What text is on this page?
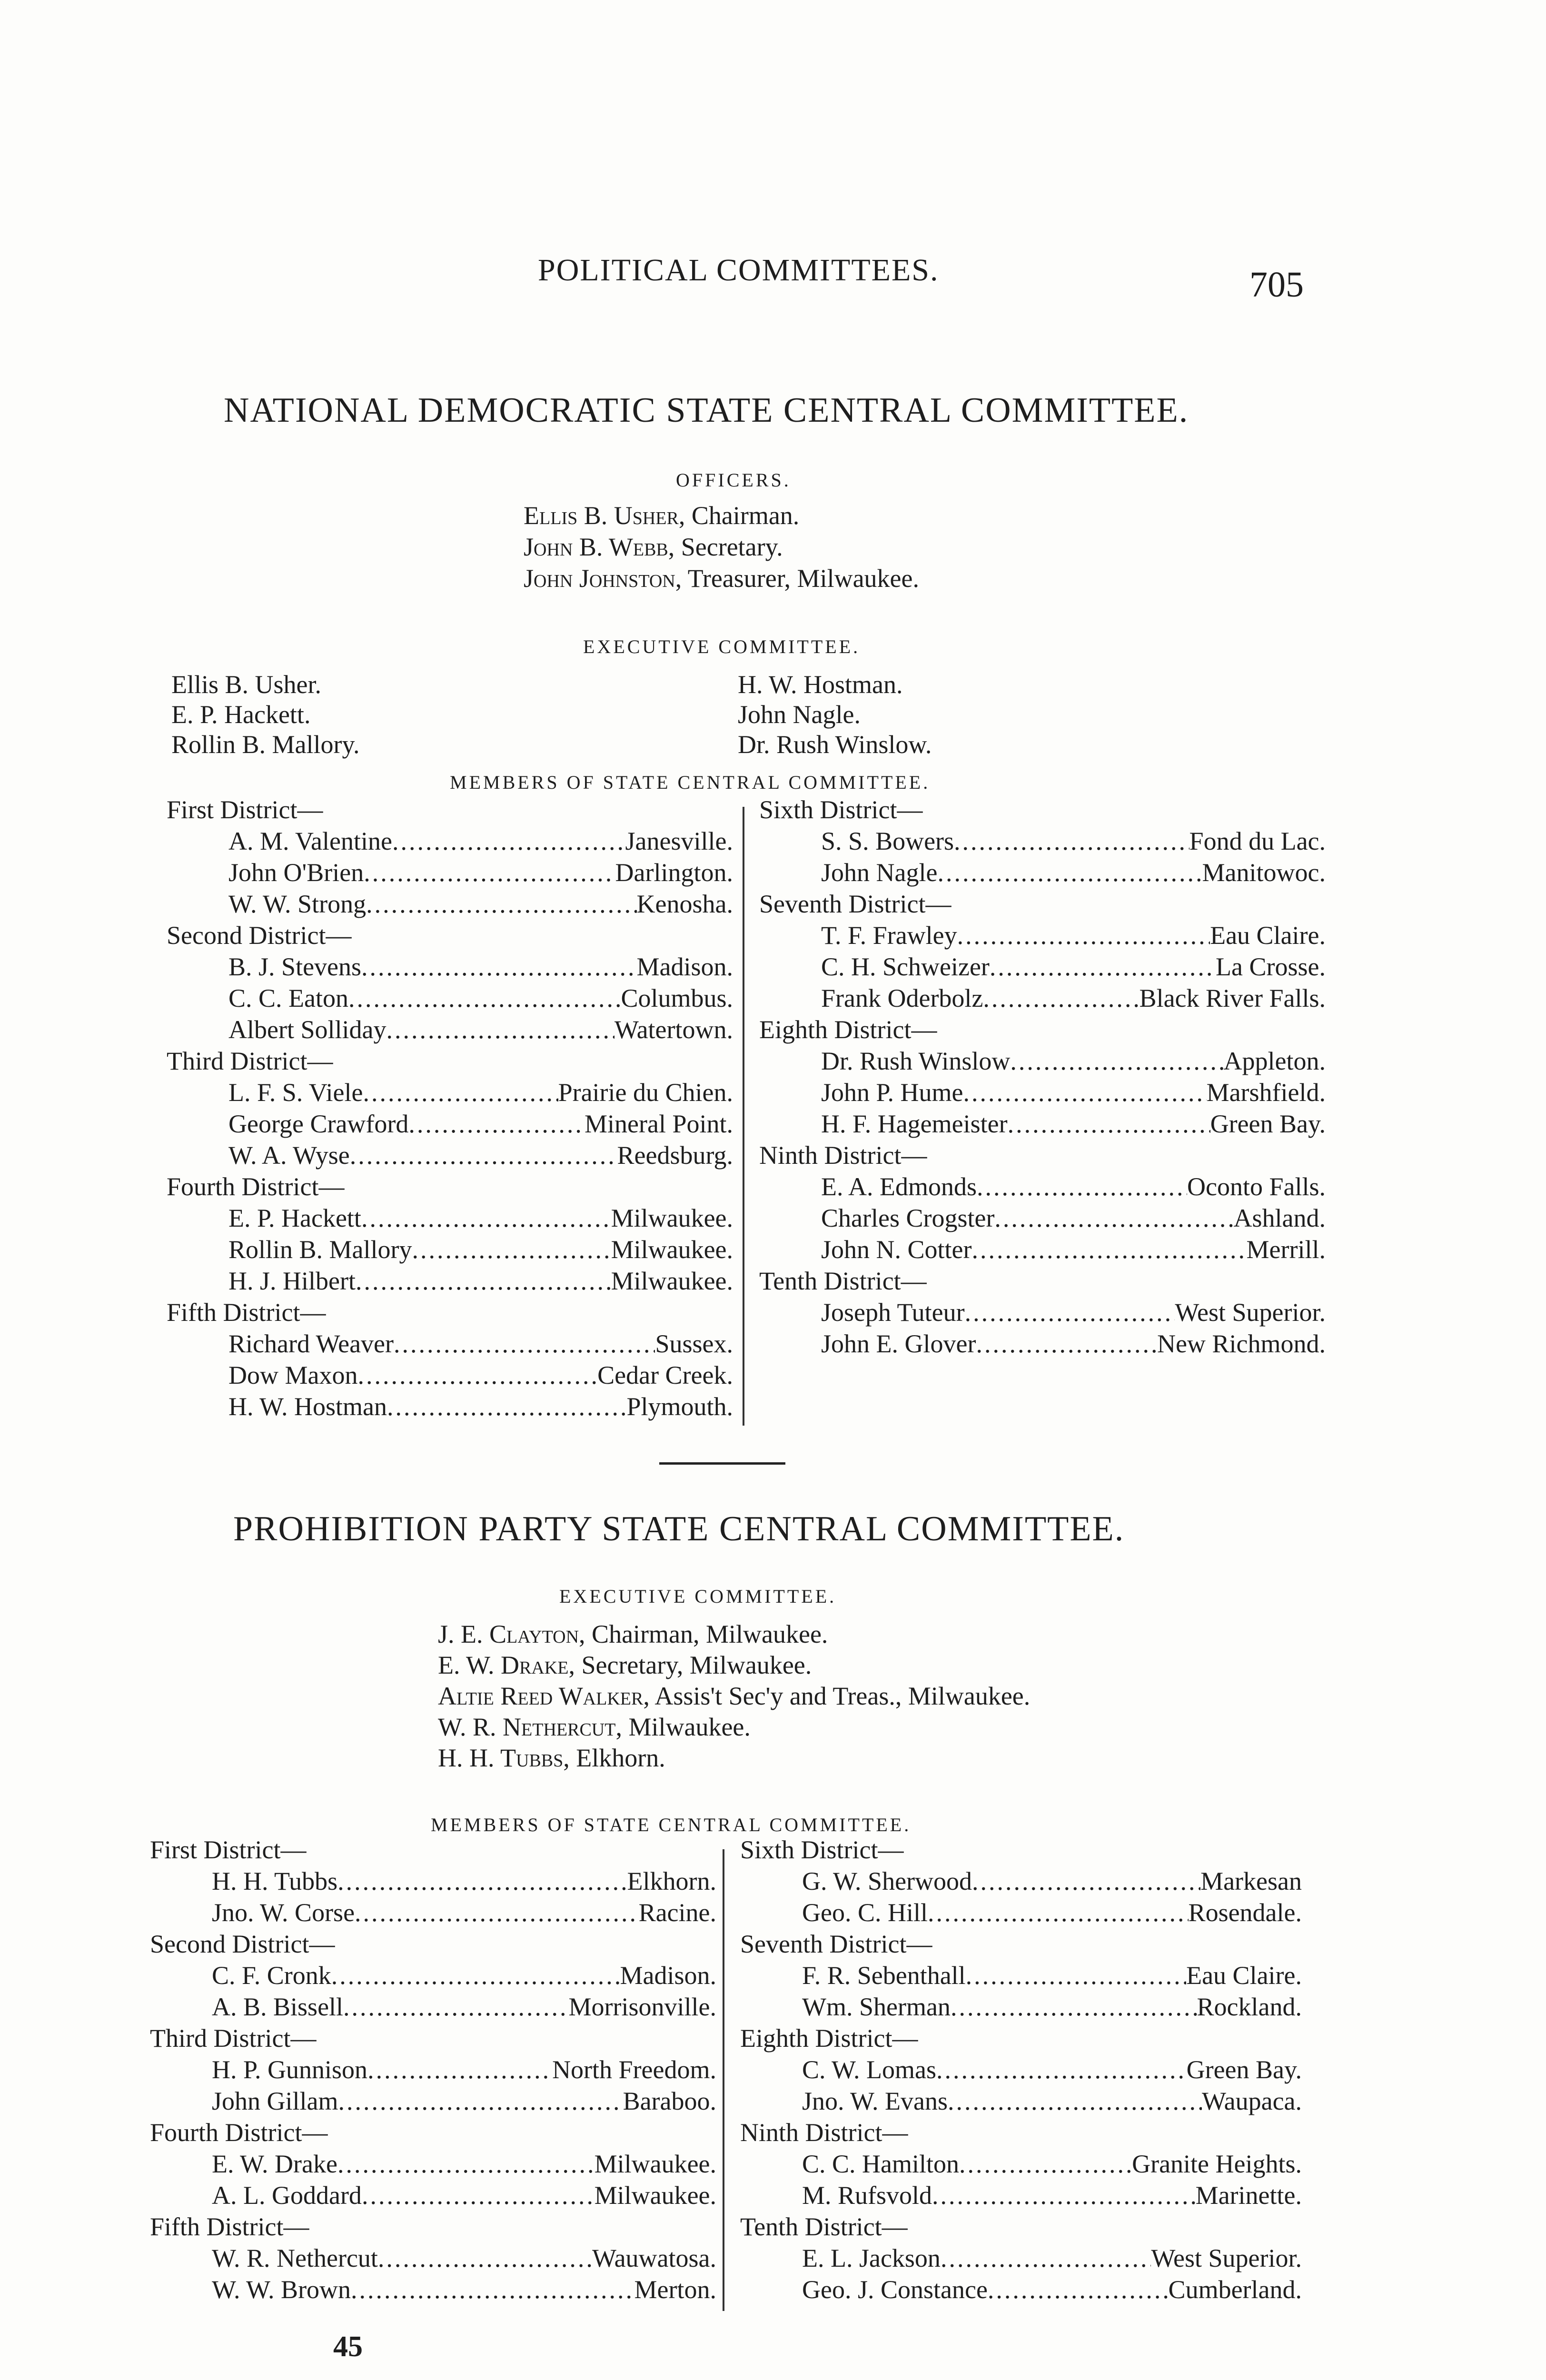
POLITICAL COMMITTEES.	705
NATIONAL DEMOCRATIC STATE CENTRAL COMMITTEE.
OFFICERS.
Ellis B. Usher, Chairman.
John B. Webb, Secretary.
John Johnston, Treasurer, Milwaukee.
EXECUTIVE COMMITTEE.
Ellis B. Usher.
E. P. Hackett.
Rollin B. Mallory.
H. W. Hostman.
John Nagle.
Dr. Rush Winslow.
MEMBERS OF STATE CENTRAL COMMITTEE.
First District—
A. M. Valentine .....	Janesville.
John O'Brien .....	Darlington.
W. W. Strong .....	Kenosha.
Second District—
B. J. Stevens .....	Madison.
C. C. Eaton .....	Columbus.
Albert Solliday .....	Watertown.
Third District—
L. F. S. Viele .....	Prairie du Chien.
George Crawford .....	Mineral Point.
W. A. Wyse .....	Reedsburg.
Fourth District—
E. P. Hackett .....	Milwaukee.
Rollin B. Mallory .....	Milwaukee.
H. J. Hilbert .....	Milwaukee.
Fifth District—
Richard Weaver .....	Sussex.
Dow Maxon .....	Cedar Creek.
H. W. Hostman .....	Plymouth.
Sixth District—
S. S. Bowers .....	Fond du Lac.
John Nagle .....	Manitowoc.
Seventh District—
T. F. Frawley .....	Eau Claire.
C. H. Schweizer .....	La Crosse.
Frank Oderbolz .....	Black River Falls.
Eighth District—
Dr. Rush Winslow .....	Appleton.
John P. Hume .....	Marshfield.
H. F. Hagemeister .....	Green Bay.
Ninth District—
E. A. Edmonds .....	Oconto Falls.
Charles Crogster .....	Ashland.
John N. Cotter .....	Merrill.
Tenth District—
Joseph Tuteur .....	West Superior.
John E. Glover .....	New Richmond.
PROHIBITION PARTY STATE CENTRAL COMMITTEE.
EXECUTIVE COMMITTEE.
J. E. Clayton, Chairman, Milwaukee.
E. W. Drake, Secretary, Milwaukee.
Altie Reed Walker, Assis't Sec'y and Treas., Milwaukee.
W. R. Nethercut, Milwaukee.
H. H. Tubbs, Elkhorn.
MEMBERS OF STATE CENTRAL COMMITTEE.
First District—
H. H. Tubbs .....	Elkhorn.
Jno. W. Corse .....	Racine.
Second District—
C. F. Cronk .....	Madison.
A. B. Bissell .....	Morrisonville.
Third District—
H. P. Gunnison .....	North Freedom.
John Gillam .....	Baraboo.
Fourth District—
E. W. Drake .....	Milwaukee.
A. L. Goddard .....	Milwaukee.
Fifth District—
W. R. Nethercut .....	Wauwatosa.
W. W. Brown .....	Merton.
Sixth District—
G. W. Sherwood .....	Markesan
Geo. C. Hill .....	Rosendale.
Seventh District—
F. R. Sebenthall .....	Eau Claire.
Wm. Sherman .....	Rockland.
Eighth District—
C. W. Lomas .....	Green Bay.
Jno. W. Evans .....	Waupaca.
Ninth District—
C. C. Hamilton .....	Granite Heights.
M. Rufsvold .....	Marinette.
Tenth District—
E. L. Jackson .....	West Superior.
Geo. J. Constance .....	Cumberland.
45
